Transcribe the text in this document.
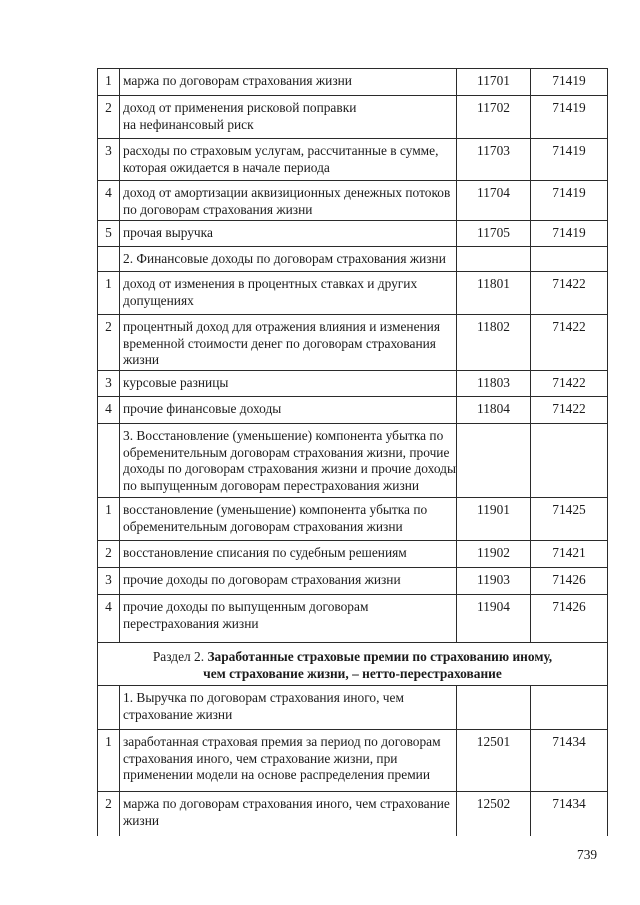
1	маржа по договорам страхования жизни	11701	71419
2	доход от применения рисковой поправки
на нефинансовый риск	11702	71419
3	расходы по страховым услугам, рассчитанные в сумме,
которая ожидается в начале периода	11703	71419
4	доход от амортизации аквизиционных денежных потоков
по договорам страхования жизни	11704	71419
5	прочая выручка	11705	71419
	2. Финансовые доходы по договорам страхования жизни		
1	доход от изменения в процентных ставках и других
допущениях	11801	71422
2	процентный доход для отражения влияния и изменения
временной стоимости денег по договорам страхования
жизни	11802	71422
3	курсовые разницы	11803	71422
4	прочие финансовые доходы	11804	71422
	3. Восстановление (уменьшение) компонента убытка по
обременительным договорам страхования жизни, прочие
доходы по договорам страхования жизни и прочие доходы
по выпущенным договорам перестрахования жизни		
1	восстановление (уменьшение) компонента убытка по
обременительным договорам страхования жизни	11901	71425
2	восстановление списания по судебным решениям	11902	71421
3	прочие доходы по договорам страхования жизни	11903	71426
4	прочие доходы по выпущенным договорам
перестрахования жизни	11904	71426
Раздел 2. Заработанные страховые премии по страхованию иному,
чем страхование жизни, – нетто-перестрахование			
	1. Выручка по договорам страхования иного, чем
страхование жизни		
1	заработанная страховая премия за период по договорам
страхования иного, чем страхование жизни, при
применении модели на основе распределения премии	12501	71434
2	маржа по договорам страхования иного, чем страхование
жизни	12502	71434
739
